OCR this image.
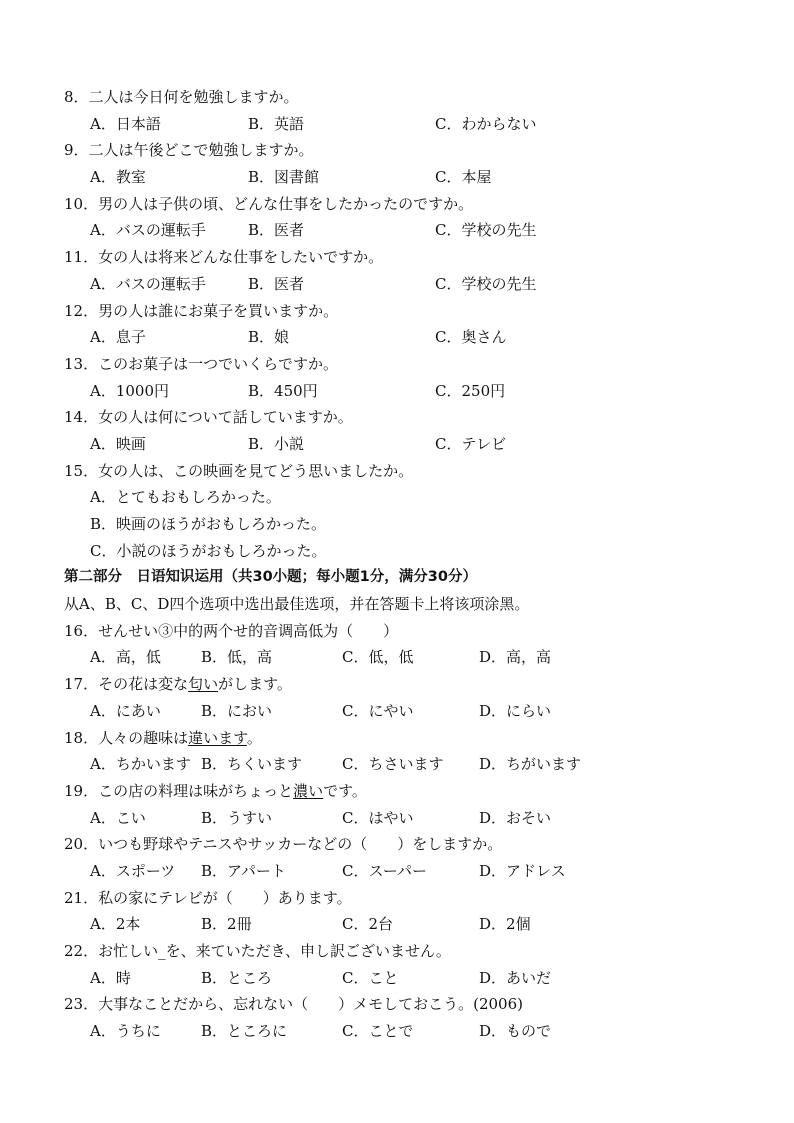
8．二人は今日何を勉強しますか。
A．日本語	B．英語	C．わからない
9．二人は午後どこで勉強しますか。
A．教室	B．図書館	C．本屋
10．男の人は子供の頃、どんな仕事をしたかったのですか。
A．バスの運転手	B．医者	C．学校の先生
11．女の人は将来どんな仕事をしたいですか。
A．バスの運転手	B．医者	C．学校の先生
12．男の人は誰にお菓子を買いますか。
A．息子	B．娘	C．奥さん
13．このお菓子は一つでいくらですか。
A．1000円	B．450円	C．250円
14．女の人は何について話していますか。
A．映画	B．小説	C．テレビ
15．女の人は、この映画を見てどう思いましたか。
A．とてもおもしろかった。
B．映画のほうがおもしろかった。
C．小説のほうがおもしろかった。
第二部分　日语知识运用（共30小题；每小题1分，满分30分）
从A、B、C、D四个选项中选出最佳选项，并在答题卡上将该项涂黑。
16．せんせい③中的两个せ的音调高低为（　　）
A．高，低	B．低，高	C．低，低	D．高，高
17．その花は変な匂いがします。
A．にあい	B．におい	C．にやい	D．にらい
18．人々の趣味は違います。
A．ちかいます B．ちくいます	C．ちさいます D．ちがいます
19．この店の料理は味がちょっと濃いです。
A．こい	B．うすい	C．はやい	D．おそい
20．いつも野球やテニスやサッカーなどの（　　）をしますか。
A．スポーツ B．アパート	C．スーパー	D．アドレス
21．私の家にテレビが（　　）あります。
A．2本	B．2冊	C．2台	D．2個
22．お忙しい_を、来ていただき、申し訳ございません。
A．時	B．ところ	C．こと	D．あいだ
23．大事なことだから、忘れない（　　）メモしておこう。(2006)
A．うちに	B．ところに	C．ことで	D．もので
